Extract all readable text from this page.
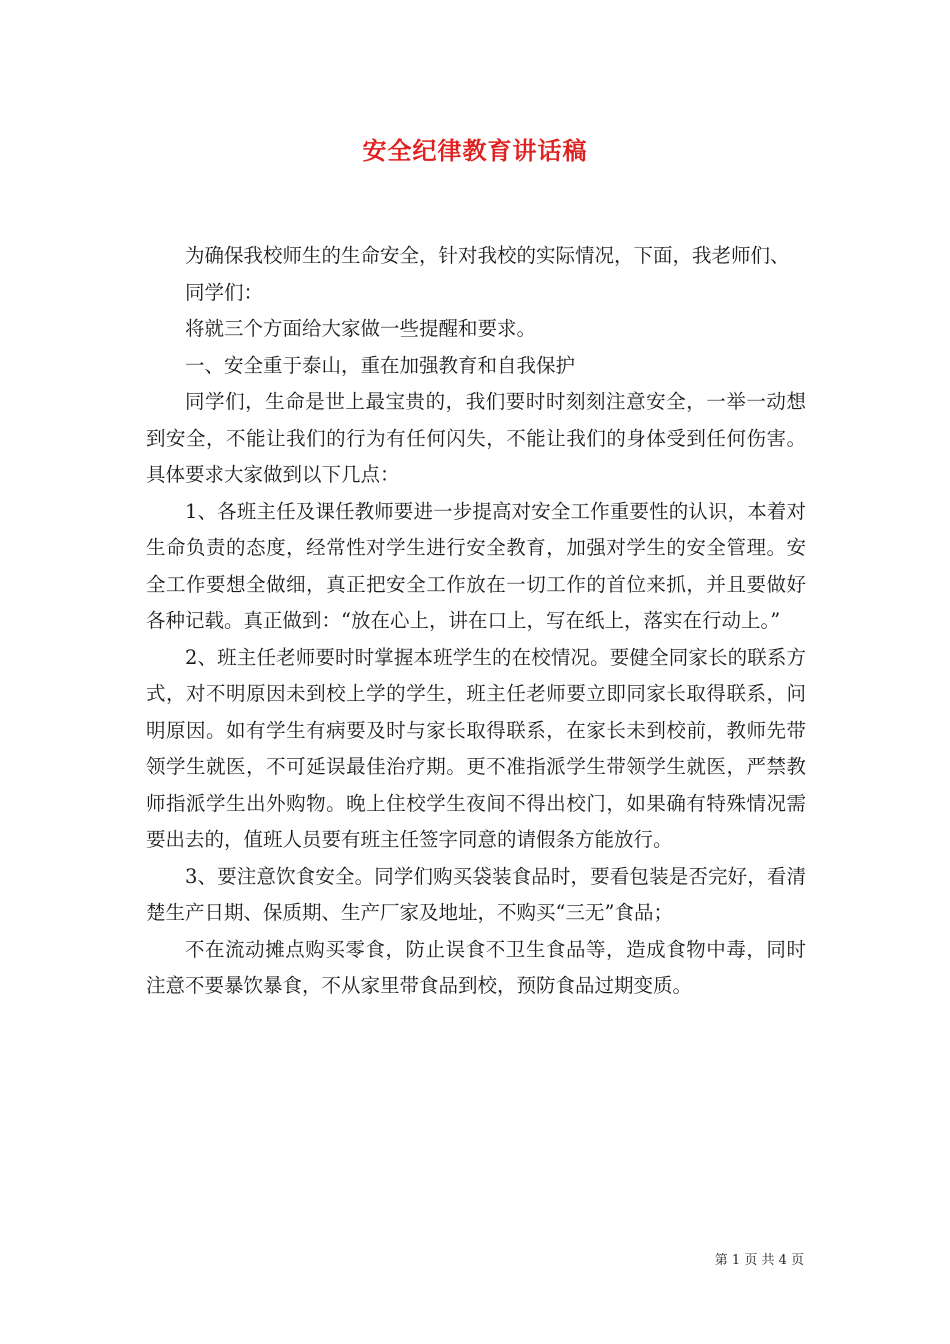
安全纪律教育讲话稿

为确保我校师生的生命安全，针对我校的实际情况，下面，我老师们、

同学们：

将就三个方面给大家做一些提醒和要求。

一、安全重于泰山，重在加强教育和自我保护

同学们，生命是世上最宝贵的，我们要时时刻刻注意安全，一举一动想到安全，不能让我们的行为有任何闪失，不能让我们的身体受到任何伤害。具体要求大家做到以下几点：

1、各班主任及课任教师要进一步提高对安全工作重要性的认识，本着对生命负责的态度，经常性对学生进行安全教育，加强对学生的安全管理。安全工作要想全做细，真正把安全工作放在一切工作的首位来抓，并且要做好各种记载。真正做到：“放在心上，讲在口上，写在纸上，落实在行动上。”

2、班主任老师要时时掌握本班学生的在校情况。要健全同家长的联系方式，对不明原因未到校上学的学生，班主任老师要立即同家长取得联系，问明原因。如有学生有病要及时与家长取得联系，在家长未到校前，教师先带领学生就医，不可延误最佳治疗期。更不准指派学生带领学生就医，严禁教师指派学生出外购物。晚上住校学生夜间不得出校门，如果确有特殊情况需要出去的，值班人员要有班主任签字同意的请假条方能放行。

3、要注意饮食安全。同学们购买袋装食品时，要看包装是否完好，看清楚生产日期、保质期、生产厂家及地址，不购买“三无”食品；

不在流动摊点购买零食，防止误食不卫生食品等，造成食物中毒，同时注意不要暴饮暴食，不从家里带食品到校，预防食品过期变质。

第 1 页 共 4 页
